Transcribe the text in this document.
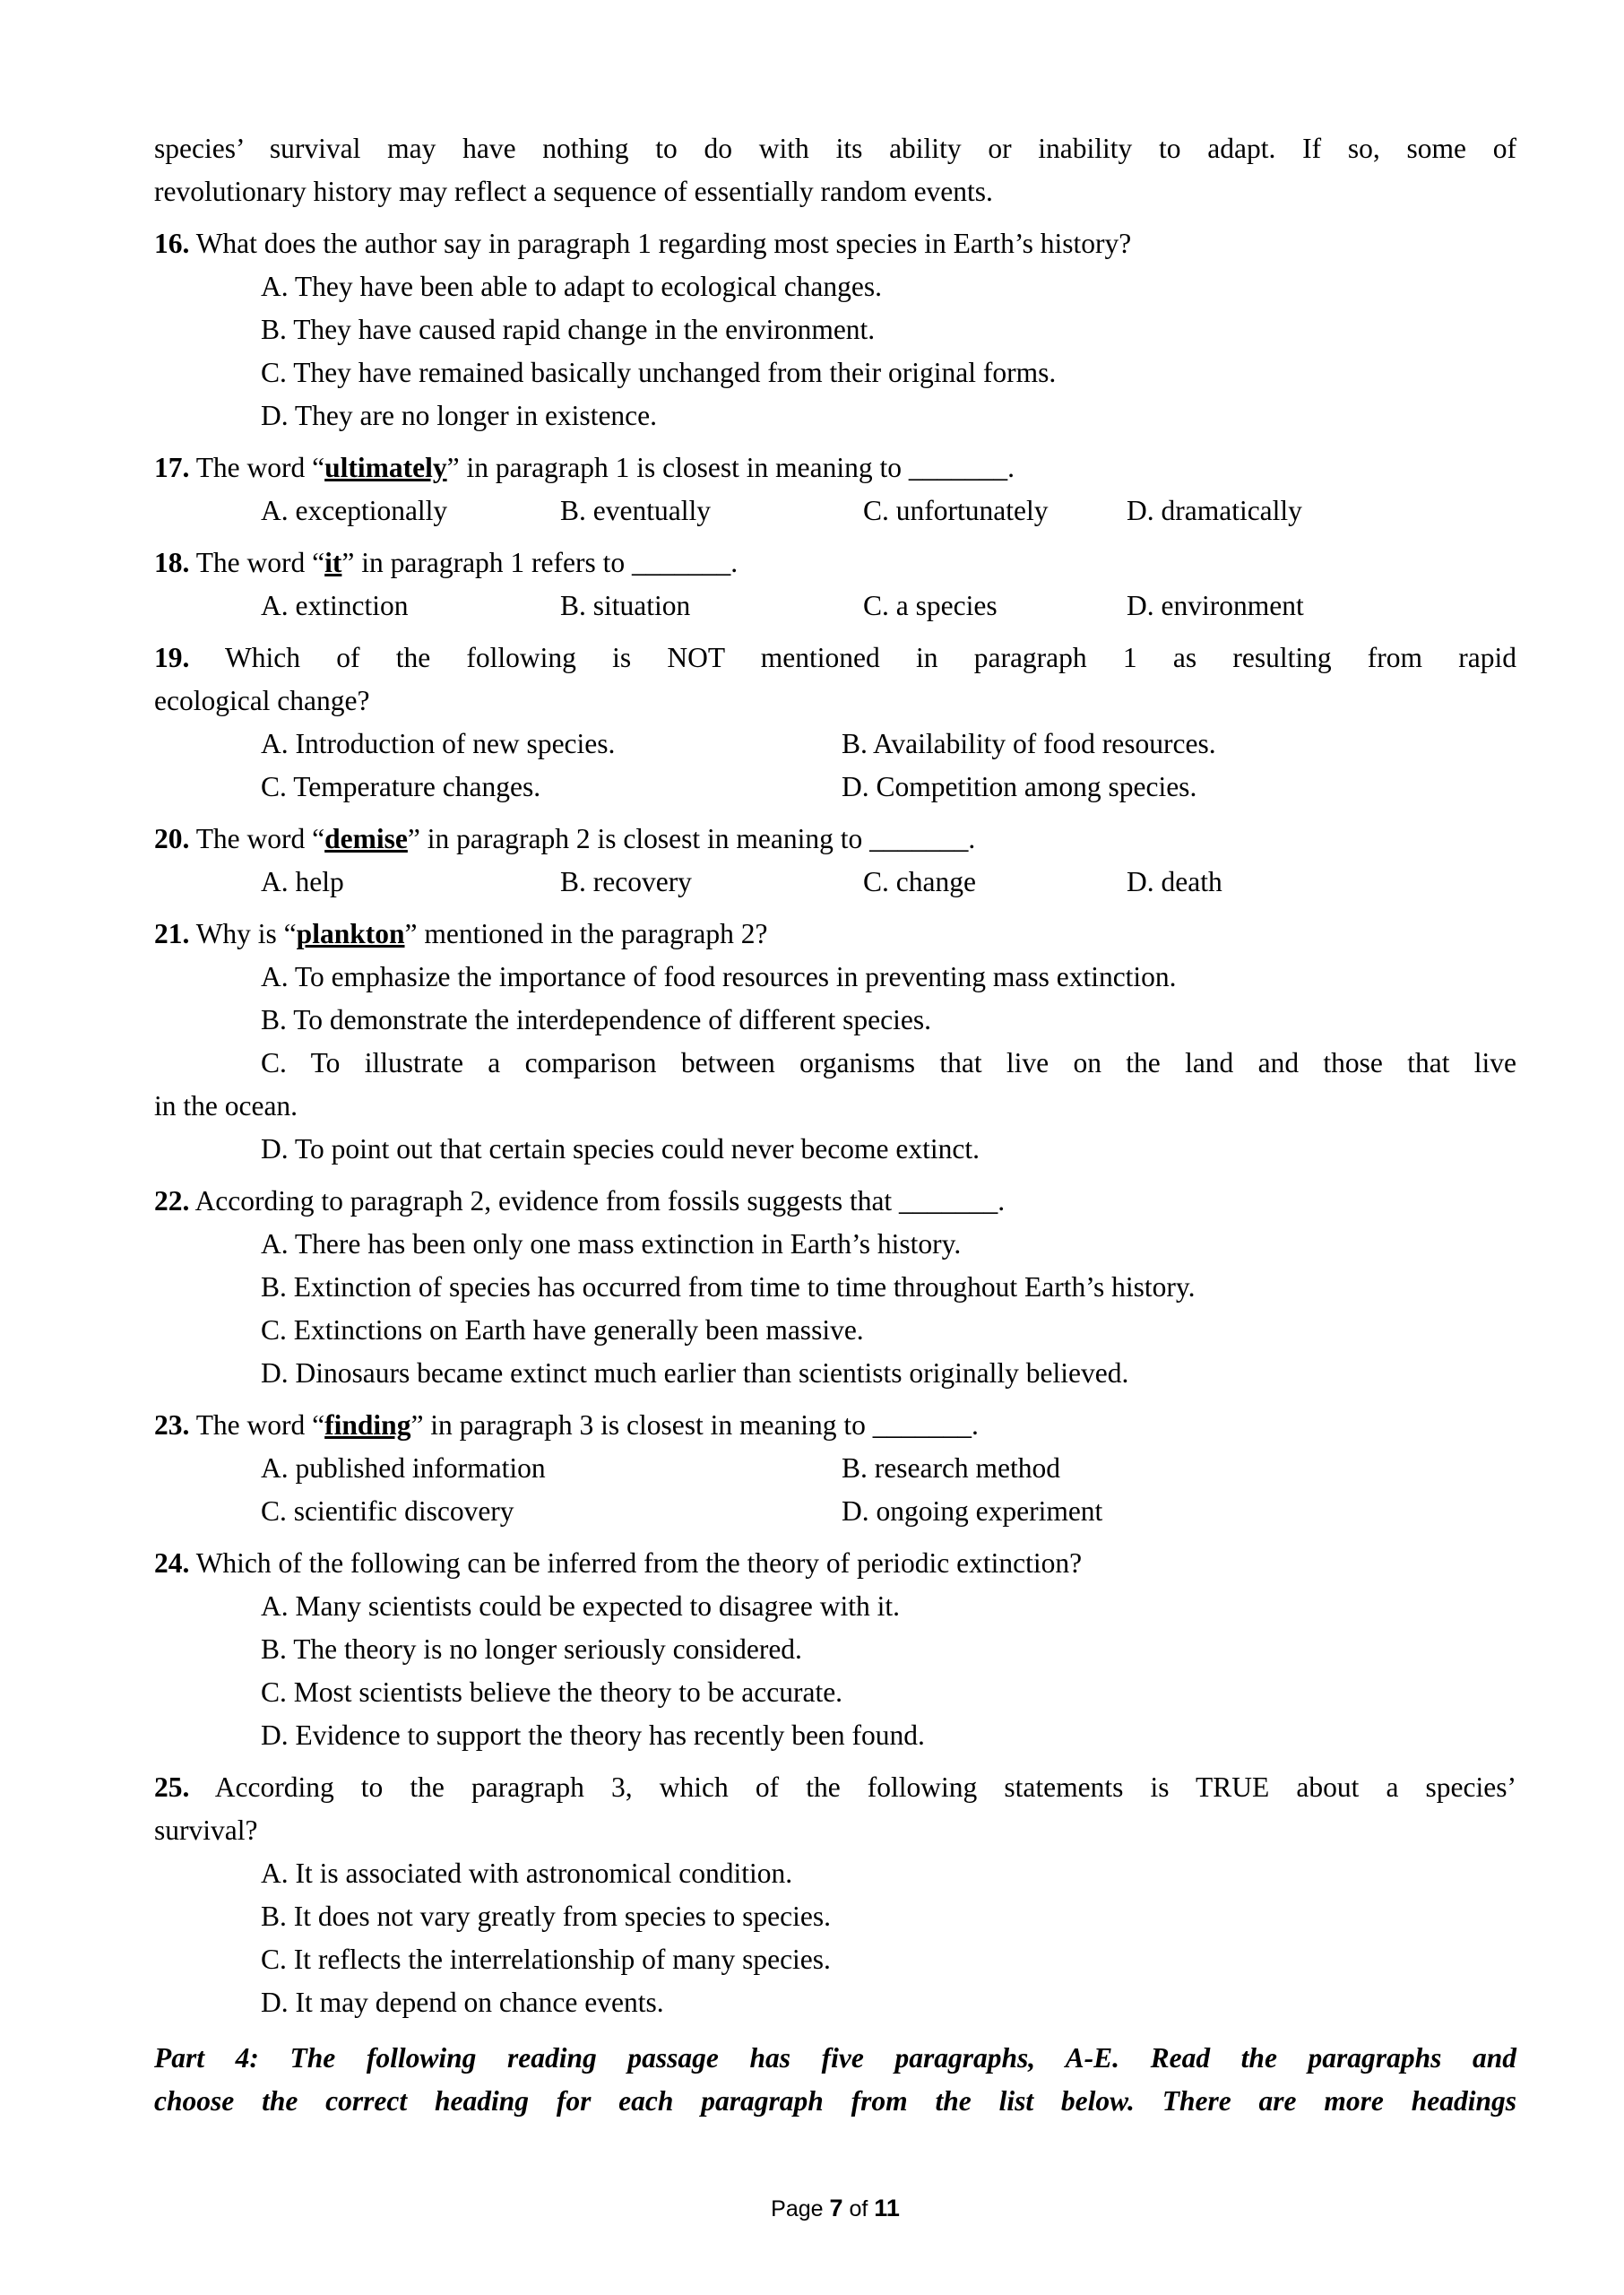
species’ survival may have nothing to do with its ability or inability to adapt. If so, some of
revolutionary history may reflect a sequence of essentially random events.
16. What does the author say in paragraph 1 regarding most species in Earth’s history?
A. They have been able to adapt to ecological changes.
B. They have caused rapid change in the environment.
C. They have remained basically unchanged from their original forms.
D. They are no longer in existence.
17. The word “ultimately” in paragraph 1 is closest in meaning to _______.
A. exceptionally	B. eventually	C. unfortunately	D. dramatically
18. The word “it” in paragraph 1 refers to _______.
A. extinction	B. situation	C. a species	D. environment
19. Which of the following is NOT mentioned in paragraph 1 as resulting from rapid
ecological change?
A. Introduction of new species.	B. Availability of food resources.
C. Temperature changes.	D. Competition among species.
20. The word “demise” in paragraph 2 is closest in meaning to _______.
A. help	B. recovery	C. change	D. death
21. Why is “plankton” mentioned in the paragraph 2?
A. To emphasize the importance of food resources in preventing mass extinction.
B. To demonstrate the interdependence of different species.
C. To illustrate a comparison between organisms that live on the land and those that live
in the ocean.
D. To point out that certain species could never become extinct.
22. According to paragraph 2, evidence from fossils suggests that _______.
A. There has been only one mass extinction in Earth’s history.
B. Extinction of species has occurred from time to time throughout Earth’s history.
C. Extinctions on Earth have generally been massive.
D. Dinosaurs became extinct much earlier than scientists originally believed.
23. The word “finding” in paragraph 3 is closest in meaning to _______.
A. published information	B. research method
C. scientific discovery	D. ongoing experiment
24. Which of the following can be inferred from the theory of periodic extinction?
A. Many scientists could be expected to disagree with it.
B. The theory is no longer seriously considered.
C. Most scientists believe the theory to be accurate.
D. Evidence to support the theory has recently been found.
25. According to the paragraph 3, which of the following statements is TRUE about a species’
survival?
A. It is associated with astronomical condition.
B. It does not vary greatly from species to species.
C. It reflects the interrelationship of many species.
D. It may depend on chance events.
Part 4: The following reading passage has five paragraphs, A-E. Read the paragraphs and
choose the correct heading for each paragraph from the list below. There are more headings
Page 7 of 11
